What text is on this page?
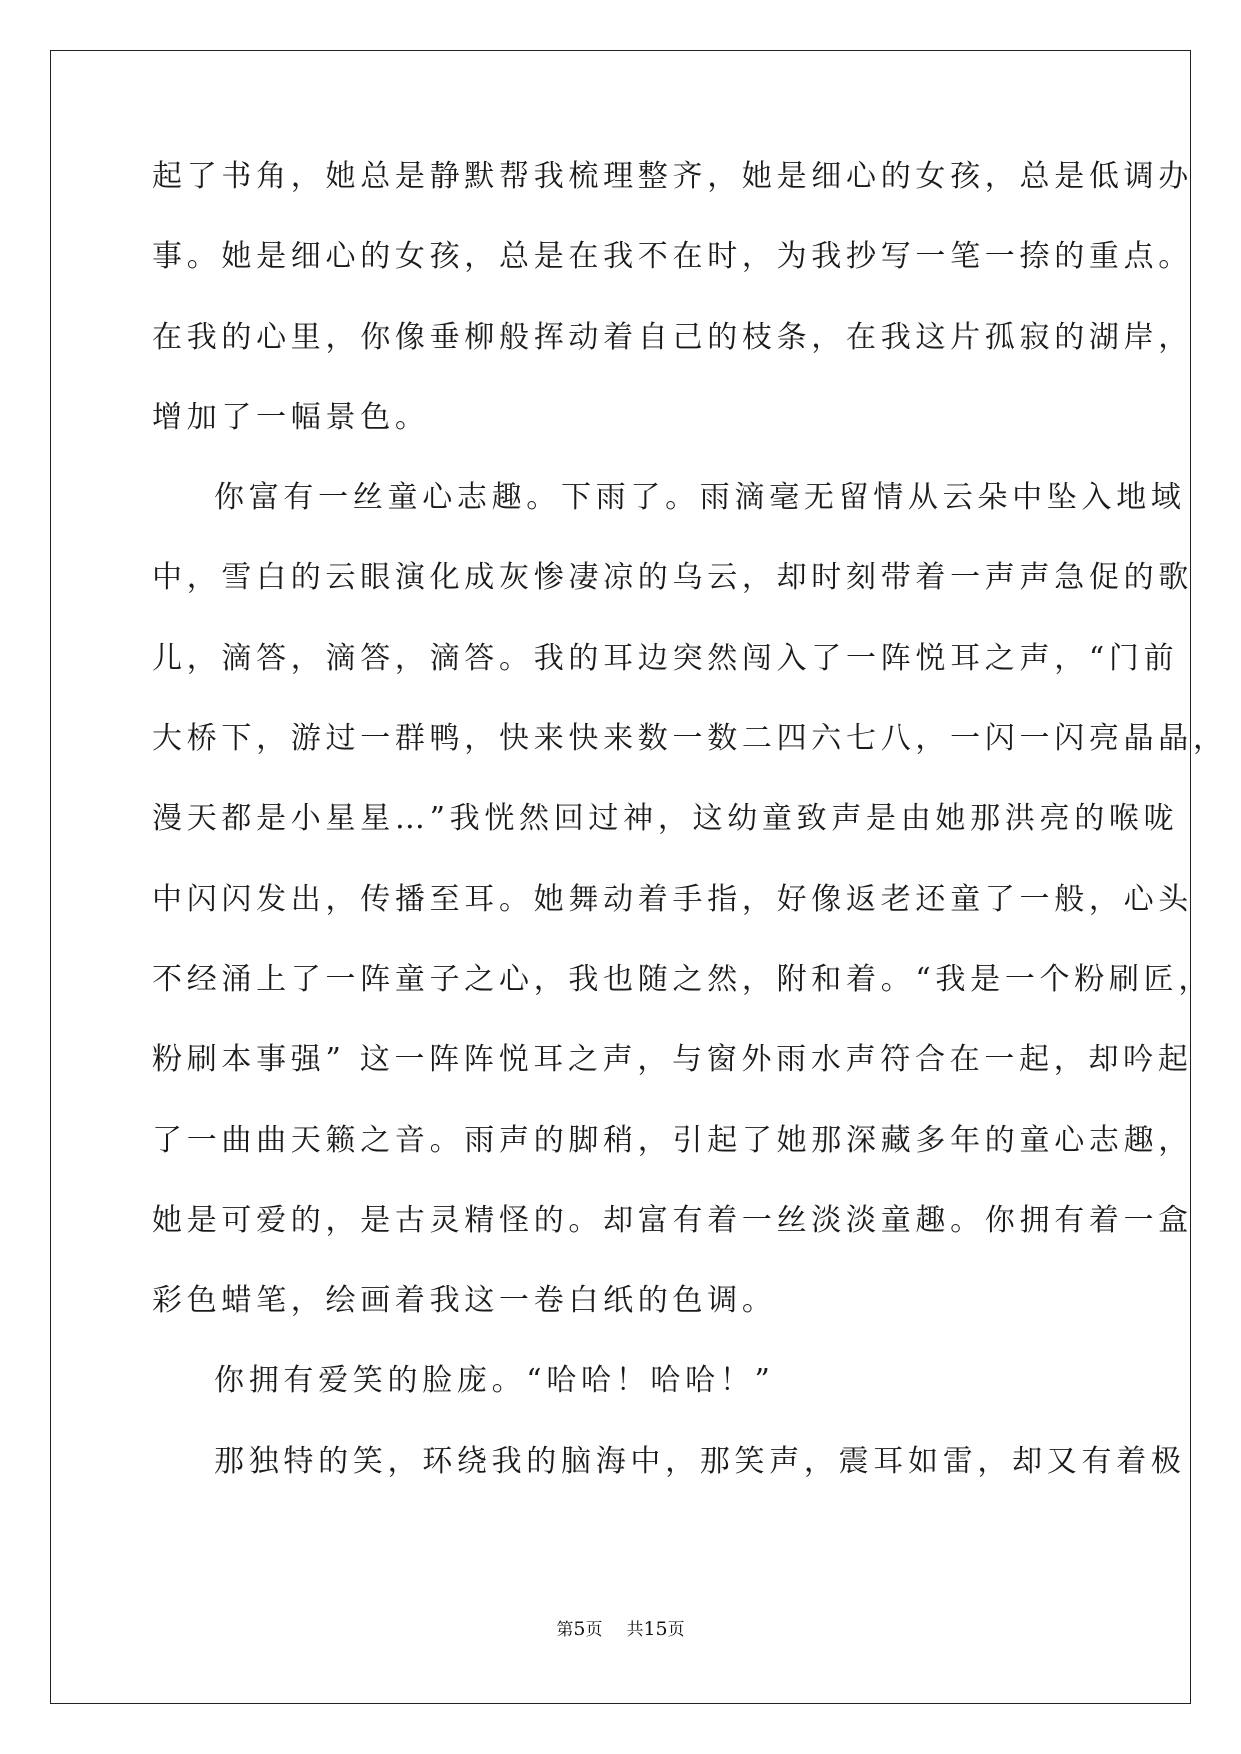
起了书角，她总是静默帮我梳理整齐，她是细心的女孩，总是低调办
事。她是细心的女孩，总是在我不在时，为我抄写一笔一捺的重点。
在我的心里，你像垂柳般挥动着自己的枝条，在我这片孤寂的湖岸，
增加了一幅景色。
你富有一丝童心志趣。下雨了。雨滴毫无留情从云朵中坠入地域
中，雪白的云眼演化成灰惨凄凉的乌云，却时刻带着一声声急促的歌
儿，滴答，滴答，滴答。我的耳边突然闯入了一阵悦耳之声，“门前
大桥下，游过一群鸭，快来快来数一数二四六七八，一闪一闪亮晶晶，
漫天都是小星星…”我恍然回过神，这幼童致声是由她那洪亮的喉咙
中闪闪发出，传播至耳。她舞动着手指，好像返老还童了一般，心头
不经涌上了一阵童子之心，我也随之然，附和着。“我是一个粉刷匠，
粉刷本事强” 这一阵阵悦耳之声，与窗外雨水声符合在一起，却吟起
了一曲曲天籁之音。雨声的脚稍，引起了她那深藏多年的童心志趣，
她是可爱的，是古灵精怪的。却富有着一丝淡淡童趣。你拥有着一盒
彩色蜡笔，绘画着我这一卷白纸的色调。
你拥有爱笑的脸庞。“哈哈！哈哈！”
那独特的笑，环绕我的脑海中，那笑声，震耳如雷，却又有着极
第5页 共15页
